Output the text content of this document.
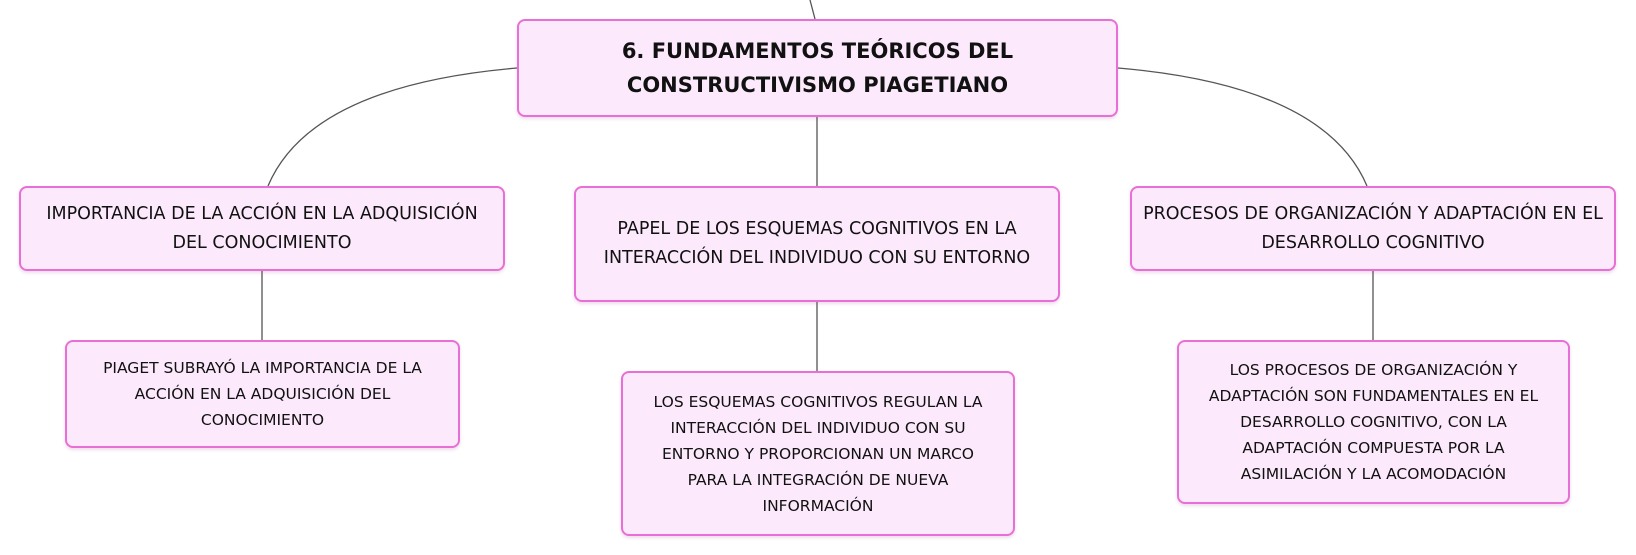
6. FUNDAMENTOS TEÓRICOS DEL CONSTRUCTIVISMO PIAGETIANO
IMPORTANCIA DE LA ACCIÓN EN LA ADQUISICIÓN DEL CONOCIMIENTO
PAPEL DE LOS ESQUEMAS COGNITIVOS EN LA INTERACCIÓN DEL INDIVIDUO CON SU ENTORNO
PROCESOS DE ORGANIZACIÓN Y ADAPTACIÓN EN EL DESARROLLO COGNITIVO
PIAGET SUBRAYÓ LA IMPORTANCIA DE LA ACCIÓN EN LA ADQUISICIÓN DEL CONOCIMIENTO
LOS ESQUEMAS COGNITIVOS REGULAN LA INTERACCIÓN DEL INDIVIDUO CON SU ENTORNO Y PROPORCIONAN UN MARCO PARA LA INTEGRACIÓN DE NUEVA INFORMACIÓN
LOS PROCESOS DE ORGANIZACIÓN Y ADAPTACIÓN SON FUNDAMENTALES EN EL DESARROLLO COGNITIVO, CON LA ADAPTACIÓN COMPUESTA POR LA ASIMILACIÓN Y LA ACOMODACIÓN
